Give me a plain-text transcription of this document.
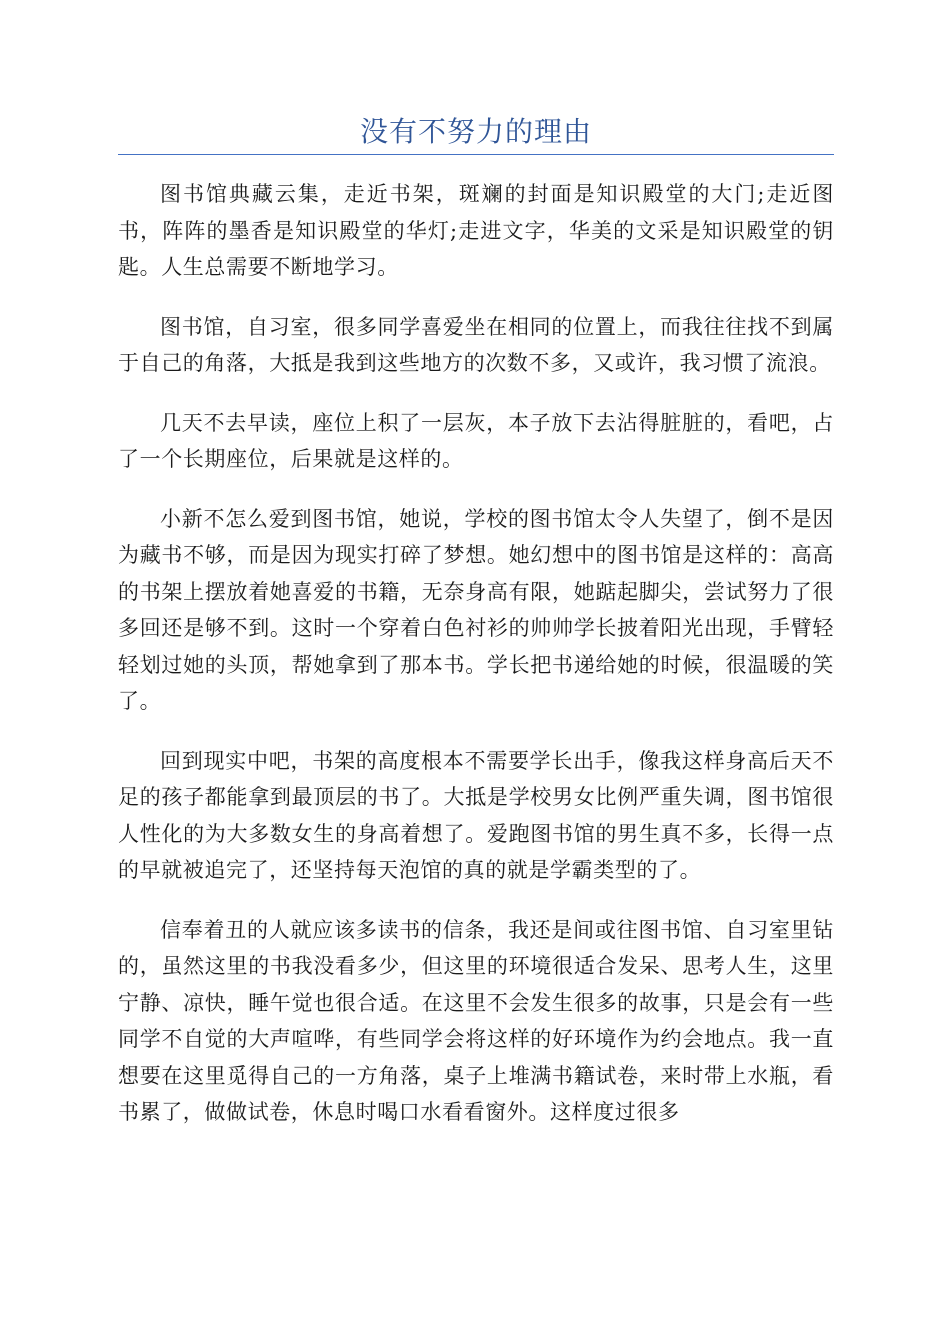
没有不努力的理由

图书馆典藏云集，走近书架，斑斓的封面是知识殿堂的大门;走近图书，阵阵的墨香是知识殿堂的华灯;走进文字，华美的文采是知识殿堂的钥匙。人生总需要不断地学习。

图书馆，自习室，很多同学喜爱坐在相同的位置上，而我往往找不到属于自己的角落，大抵是我到这些地方的次数不多，又或许，我习惯了流浪。

几天不去早读，座位上积了一层灰，本子放下去沾得脏脏的，看吧，占了一个长期座位，后果就是这样的。

小新不怎么爱到图书馆，她说，学校的图书馆太令人失望了，倒不是因为藏书不够，而是因为现实打碎了梦想。她幻想中的图书馆是这样的：高高的书架上摆放着她喜爱的书籍，无奈身高有限，她踮起脚尖，尝试努力了很多回还是够不到。这时一个穿着白色衬衫的帅帅学长披着阳光出现，手臂轻轻划过她的头顶，帮她拿到了那本书。学长把书递给她的时候，很温暖的笑了。

回到现实中吧，书架的高度根本不需要学长出手，像我这样身高后天不足的孩子都能拿到最顶层的书了。大抵是学校男女比例严重失调，图书馆很人性化的为大多数女生的身高着想了。爱跑图书馆的男生真不多，长得一点的早就被追完了，还坚持每天泡馆的真的就是学霸类型的了。

信奉着丑的人就应该多读书的信条，我还是间或往图书馆、自习室里钻的，虽然这里的书我没看多少，但这里的环境很适合发呆、思考人生，这里宁静、凉快，睡午觉也很合适。在这里不会发生很多的故事，只是会有一些同学不自觉的大声喧哗，有些同学会将这样的好环境作为约会地点。我一直想要在这里觅得自己的一方角落，桌子上堆满书籍试卷，来时带上水瓶，看书累了，做做试卷，休息时喝口水看看窗外。这样度过很多
